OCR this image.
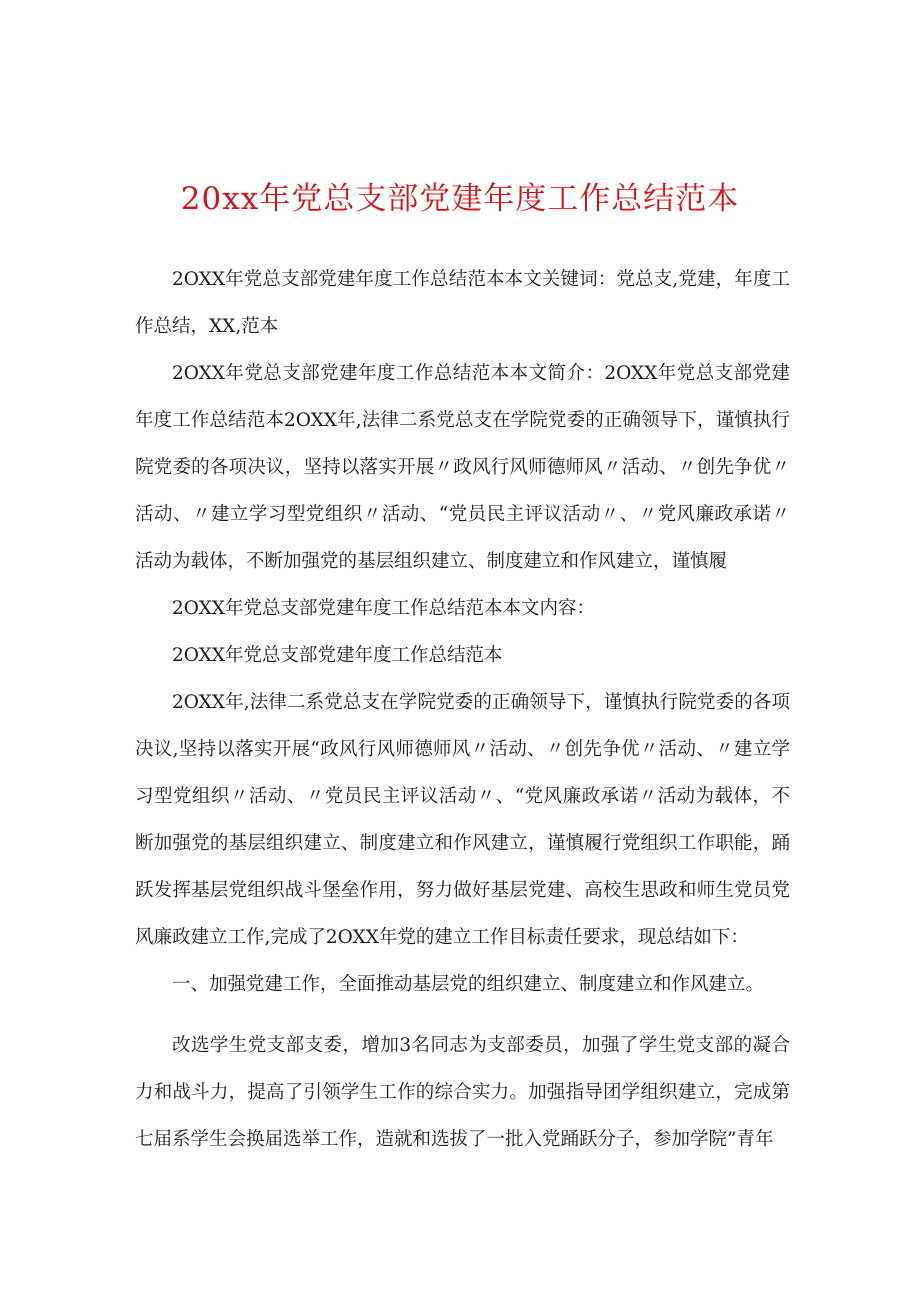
20xx年党总支部党建年度工作总结范本

2OXX年党总支部党建年度工作总结范本本文关键词：党总支,党建，年度工作总结，XX,范本

2OXX年党总支部党建年度工作总结范本本文简介：2OXX年党总支部党建年度工作总结范本2OXX年,法律二系党总支在学院党委的正确领导下，谨慎执行院党委的各项决议，坚持以落实开展〃政风行风师德师风〃活动、〃创先争优〃活动、〃建立学习型党组织〃活动、“党员民主评议活动〃、〃党风廉政承诺〃活动为载体，不断加强党的基层组织建立、制度建立和作风建立，谨慎履

2OXX年党总支部党建年度工作总结范本本文内容：

2OXX年党总支部党建年度工作总结范本

2OXX年,法律二系党总支在学院党委的正确领导下，谨慎执行院党委的各项决议,坚持以落实开展“政风行风师德师风〃活动、〃创先争优〃活动、〃建立学习型党组织〃活动、〃党员民主评议活动〃、“党风廉政承诺〃活动为载体，不断加强党的基层组织建立、制度建立和作风建立，谨慎履行党组织工作职能，踊跃发挥基层党组织战斗堡垒作用，努力做好基层党建、高校生思政和师生党员党风廉政建立工作,完成了2OXX年党的建立工作目标责任要求，现总结如下：

一、加强党建工作，全面推动基层党的组织建立、制度建立和作风建立。

改选学生党支部支委，增加3名同志为支部委员，加强了学生党支部的凝合力和战斗力，提高了引领学生工作的综合实力。加强指导团学组织建立，完成第七届系学生会换届选举工作，造就和选拔了一批入党踊跃分子，参加学院”青年
